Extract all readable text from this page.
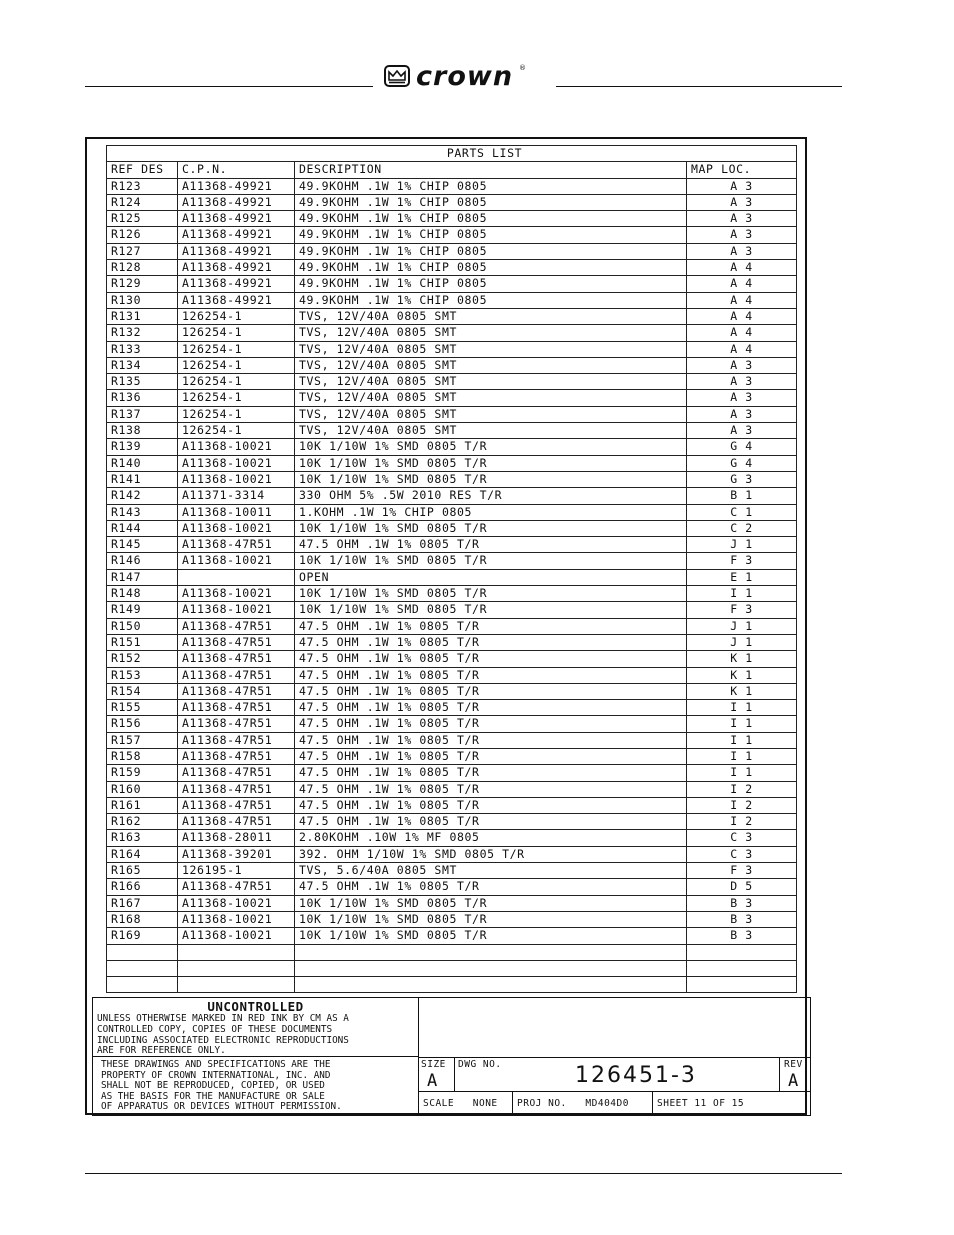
crown ®
PARTS LIST			
REF DES	C.P.N.	DESCRIPTION	MAP LOC.
R123	A11368-49921	49.9KOHM .1W 1% CHIP 0805	A 3
R124	A11368-49921	49.9KOHM .1W 1% CHIP 0805	A 3
R125	A11368-49921	49.9KOHM .1W 1% CHIP 0805	A 3
R126	A11368-49921	49.9KOHM .1W 1% CHIP 0805	A 3
R127	A11368-49921	49.9KOHM .1W 1% CHIP 0805	A 3
R128	A11368-49921	49.9KOHM .1W 1% CHIP 0805	A 4
R129	A11368-49921	49.9KOHM .1W 1% CHIP 0805	A 4
R130	A11368-49921	49.9KOHM .1W 1% CHIP 0805	A 4
R131	126254-1	TVS, 12V/40A 0805 SMT	A 4
R132	126254-1	TVS, 12V/40A 0805 SMT	A 4
R133	126254-1	TVS, 12V/40A 0805 SMT	A 4
R134	126254-1	TVS, 12V/40A 0805 SMT	A 3
R135	126254-1	TVS, 12V/40A 0805 SMT	A 3
R136	126254-1	TVS, 12V/40A 0805 SMT	A 3
R137	126254-1	TVS, 12V/40A 0805 SMT	A 3
R138	126254-1	TVS, 12V/40A 0805 SMT	A 3
R139	A11368-10021	10K 1/10W 1% SMD 0805 T/R	G 4
R140	A11368-10021	10K 1/10W 1% SMD 0805 T/R	G 4
R141	A11368-10021	10K 1/10W 1% SMD 0805 T/R	G 3
R142	A11371-3314	330 OHM 5% .5W 2010 RES T/R	B 1
R143	A11368-10011	1.KOHM .1W 1% CHIP 0805	C 1
R144	A11368-10021	10K 1/10W 1% SMD 0805 T/R	C 2
R145	A11368-47R51	47.5 OHM .1W 1% 0805 T/R	J 1
R146	A11368-10021	10K 1/10W 1% SMD 0805 T/R	F 3
R147		OPEN	E 1
R148	A11368-10021	10K 1/10W 1% SMD 0805 T/R	I 1
R149	A11368-10021	10K 1/10W 1% SMD 0805 T/R	F 3
R150	A11368-47R51	47.5 OHM .1W 1% 0805 T/R	J 1
R151	A11368-47R51	47.5 OHM .1W 1% 0805 T/R	J 1
R152	A11368-47R51	47.5 OHM .1W 1% 0805 T/R	K 1
R153	A11368-47R51	47.5 OHM .1W 1% 0805 T/R	K 1
R154	A11368-47R51	47.5 OHM .1W 1% 0805 T/R	K 1
R155	A11368-47R51	47.5 OHM .1W 1% 0805 T/R	I 1
R156	A11368-47R51	47.5 OHM .1W 1% 0805 T/R	I 1
R157	A11368-47R51	47.5 OHM .1W 1% 0805 T/R	I 1
R158	A11368-47R51	47.5 OHM .1W 1% 0805 T/R	I 1
R159	A11368-47R51	47.5 OHM .1W 1% 0805 T/R	I 1
R160	A11368-47R51	47.5 OHM .1W 1% 0805 T/R	I 2
R161	A11368-47R51	47.5 OHM .1W 1% 0805 T/R	I 2
R162	A11368-47R51	47.5 OHM .1W 1% 0805 T/R	I 2
R163	A11368-28011	2.80KOHM .10W 1% MF 0805	C 3
R164	A11368-39201	392. OHM 1/10W 1% SMD 0805 T/R	C 3
R165	126195-1	TVS, 5.6/40A 0805 SMT	F 3
R166	A11368-47R51	47.5 OHM .1W 1% 0805 T/R	D 5
R167	A11368-10021	10K 1/10W 1% SMD 0805 T/R	B 3
R168	A11368-10021	10K 1/10W 1% SMD 0805 T/R	B 3
R169	A11368-10021	10K 1/10W 1% SMD 0805 T/R	B 3

UNCONTROLLED
UNLESS OTHERWISE MARKED IN RED INK BY CM AS A
CONTROLLED COPY, COPIES OF THESE DOCUMENTS
INCLUDING ASSOCIATED ELECTRONIC REPRODUCTIONS
ARE FOR REFERENCE ONLY.
THESE DRAWINGS AND SPECIFICATIONS ARE THE
PROPERTY OF CROWN INTERNATIONAL, INC. AND
SHALL NOT BE REPRODUCED, COPIED, OR USED
AS THE BASIS FOR THE MANUFACTURE OR SALE
OF APPARATUS OR DEVICES WITHOUT PERMISSION.
SIZE
A
DWG NO.	126451-3	REV
A
SCALE   NONE	PROJ NO.   MD404D0	SHEET 11 OF 15
